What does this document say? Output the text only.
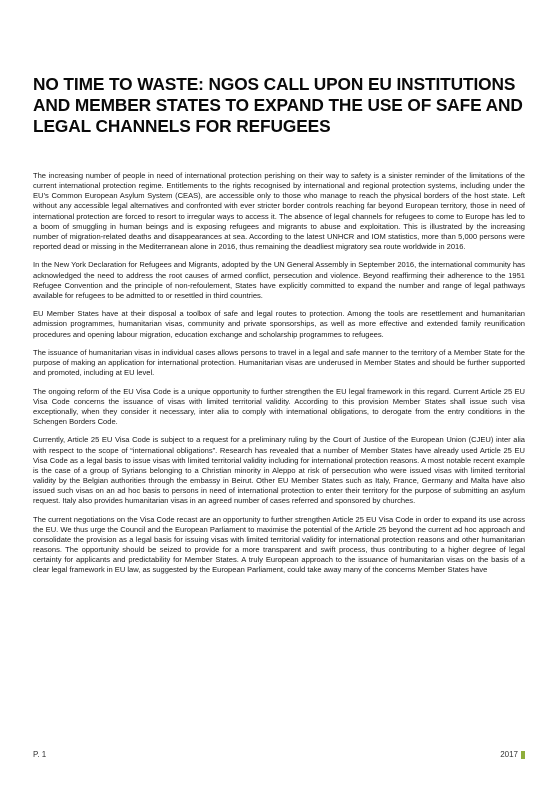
NO TIME TO WASTE: NGOS CALL UPON EU INSTITUTIONS AND MEMBER STATES TO EXPAND THE USE OF SAFE AND LEGAL CHANNELS FOR REFUGEES

The increasing number of people in need of international protection perishing on their way to safety is a sinister reminder of the limitations of the current international protection regime. Entitlements to the rights recognised by international and regional protection systems, including under the EU’s Common European Asylum System (CEAS), are accessible only to those who manage to reach the physical borders of the host state. Left without any accessible legal alternatives and confronted with ever stricter border controls reaching far beyond European territory, those in need of international protection are forced to resort to irregular ways to access it. The absence of legal channels for refugees to come to Europe has led to a boom of smuggling in human beings and is exposing refugees and migrants to abuse and exploitation. This is illustrated by the increasing number of migration-related deaths and disappearances at sea. According to the latest UNHCR and IOM statistics, more than 5,000 persons were reported dead or missing in the Mediterranean alone in 2016, thus remaining the deadliest migratory sea route worldwide in 2016.

In the New York Declaration for Refugees and Migrants, adopted by the UN General Assembly in September 2016, the international community has acknowledged the need to address the root causes of armed conflict, persecution and violence. Beyond reaffirming their adherence to the 1951 Refugee Convention and the principle of non-refoulement, States have explicitly committed to expand the number and range of legal pathways available for refugees to be admitted to or resettled in third countries.

EU Member States have at their disposal a toolbox of safe and legal routes to protection. Among the tools are resettlement and humanitarian admission programmes, humanitarian visas, community and private sponsorships, as well as more effective and extended family reunification procedures and opening labour migration, education exchange and scholarship programmes to refugees.

The issuance of humanitarian visas in individual cases allows persons to travel in a legal and safe manner to the territory of a Member State for the purpose of making an application for international protection. Humanitarian visas are underused in Member States and should be further supported and promoted, including at EU level.

The ongoing reform of the EU Visa Code is a unique opportunity to further strengthen the EU legal framework in this regard. Current Article 25 EU Visa Code concerns the issuance of visas with limited territorial validity. According to this provision Member States shall issue such visa exceptionally, when they consider it necessary, inter alia to comply with international obligations, to derogate from the entry conditions in the Schengen Borders Code.

Currently, Article 25 EU Visa Code is subject to a request for a preliminary ruling by the Court of Justice of the European Union (CJEU) inter alia with respect to the scope of “international obligations”. Research has revealed that a number of Member States have already used Article 25 EU Visa Code as a legal basis to issue visas with limited territorial validity including for international protection reasons. A most notable recent example is the case of a group of Syrians belonging to a Christian minority in Aleppo at risk of persecution who were issued visas with limited territorial validity by the Belgian authorities through the embassy in Beirut. Other EU Member States such as Italy, France, Germany and Malta have also issued such visas on an ad hoc basis to persons in need of international protection to enter their territory for the purpose of submitting an asylum request. Italy also provides humanitarian visas in an agreed number of cases referred and sponsored by churches.

The current negotiations on the Visa Code recast are an opportunity to further strengthen Article 25 EU Visa Code in order to expand its use across the EU. We thus urge the Council and the European Parliament to maximise the potential of the Article 25 beyond the current ad hoc approach and consolidate the provision as a legal basis for issuing visas with limited territorial validity for international protection reasons and other humanitarian reasons. The opportunity should be seized to provide for a more transparent and swift process, thus contributing to a higher degree of legal certainty for applicants and predictability for Member States. A truly European approach to the issuance of humanitarian visas on the basis of a clear legal framework in EU law, as suggested by the European Parliament, could take away many of the concerns Member States have

P. 1	2017
